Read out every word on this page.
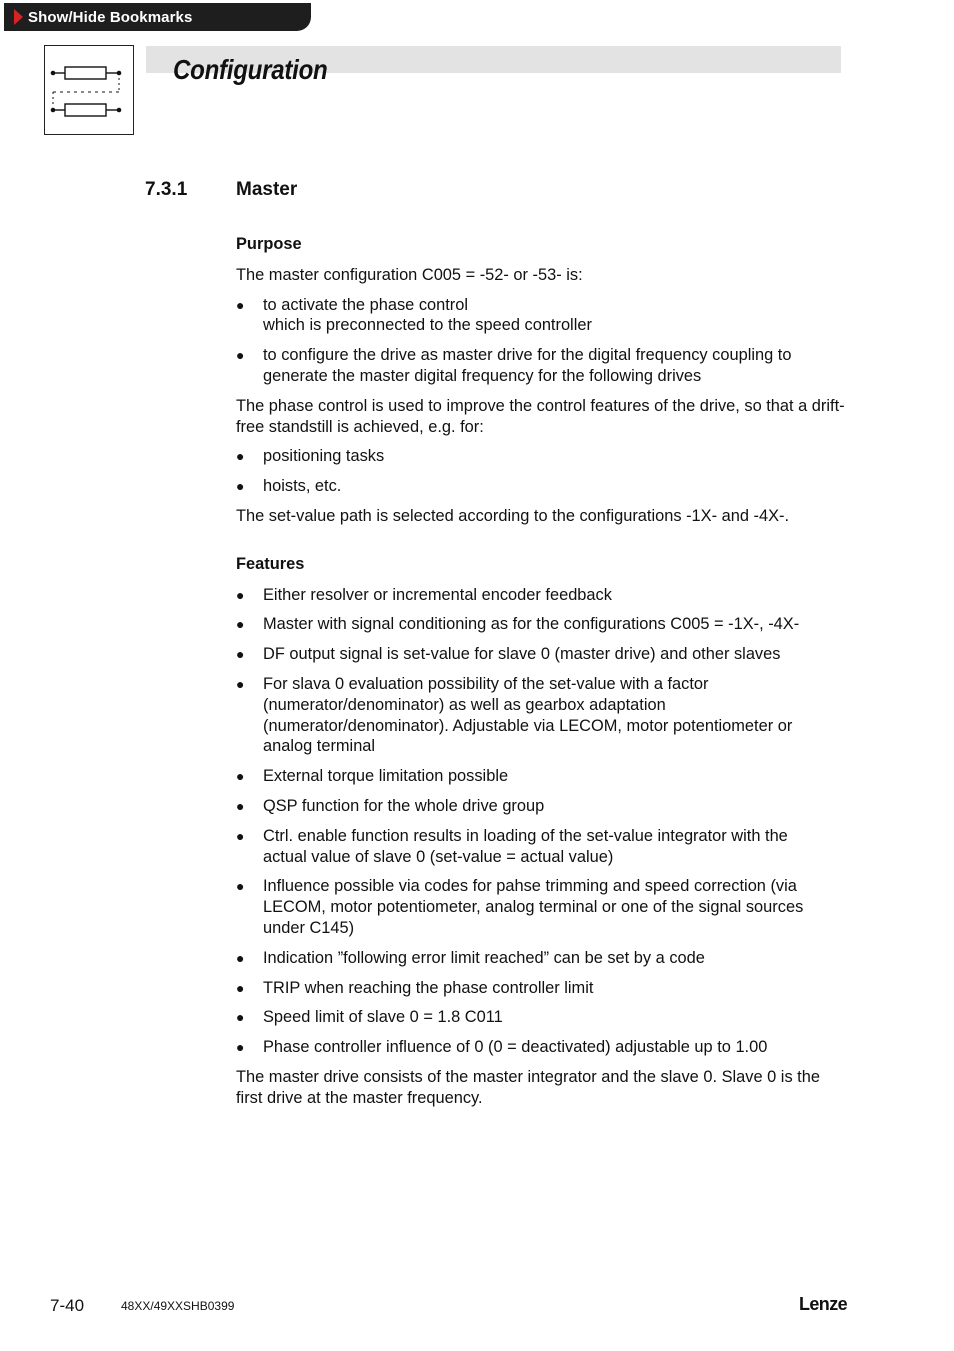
Show/Hide Bookmarks
Configuration
7.3.1	Master
Purpose

The master configuration C005 = -52- or -53- is:

● to activate the phase control
which is preconnected to the speed controller
● to configure the drive as master drive for the digital frequency coupling to
generate the master digital frequency for the following drives

The phase control is used to improve the control features of the drive, so that a drift-free standstill is achieved, e.g. for:

● positioning tasks
● hoists, etc.

The set-value path is selected according to the configurations -1X- and -4X-.

Features
● Either resolver or incremental encoder feedback
● Master with signal conditioning as for the configurations C005 = -1X-, -4X-
● DF output signal is set-value for slave 0 (master drive) and other slaves
● For slava 0 evaluation possibility of the set-value with a factor
(numerator/denominator) as well as gearbox adaptation
(numerator/denominator). Adjustable via LECOM, motor potentiometer or
analog terminal
● External torque limitation possible
● QSP function for the whole drive group
● Ctrl. enable function results in loading of the set-value integrator with the
actual value of slave 0 (set-value = actual value)
● Influence possible via codes for pahse trimming and speed correction (via
LECOM, motor potentiometer, analog terminal or one of the signal sources
under C145)
● Indication ”following error limit reached” can be set by a code
● TRIP when reaching the phase controller limit
● Speed limit of slave 0 = 1.8 C011
● Phase controller influence of 0 (0 = deactivated) adjustable up to 1.00

The master drive consists of the master integrator and the slave 0. Slave 0 is the first drive at the master frequency.

7-40	48XX/49XXSHB0399	Lenze
